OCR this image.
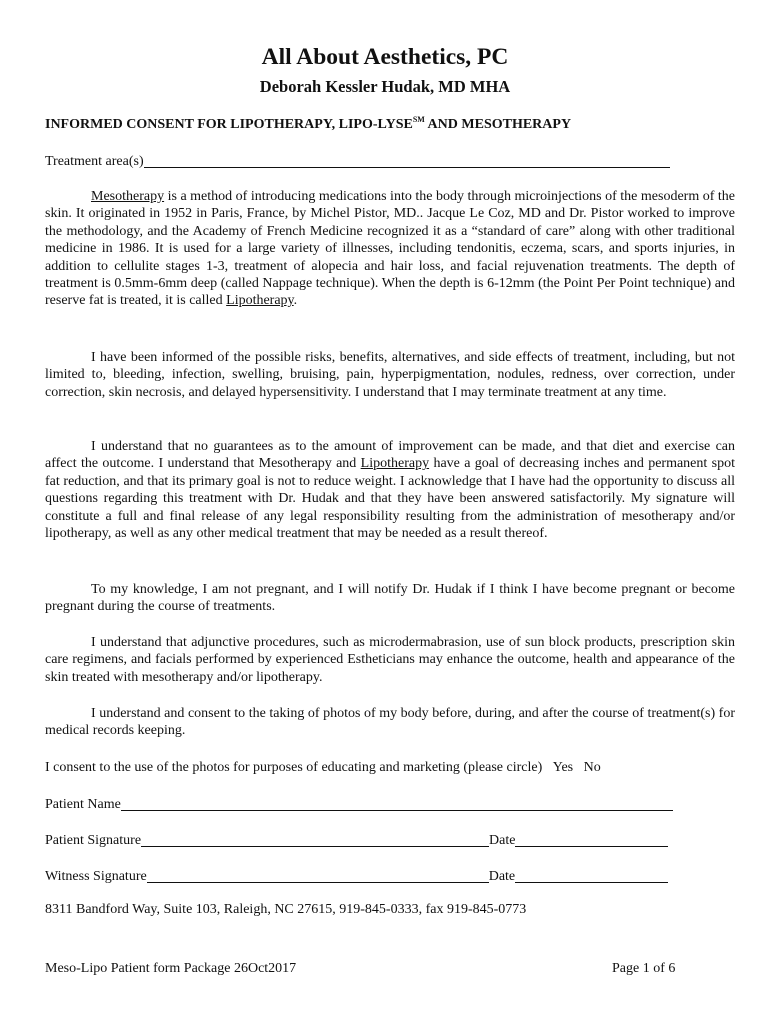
All About Aesthetics, PC
Deborah Kessler Hudak, MD MHA
INFORMED CONSENT FOR LIPOTHERAPY, LIPO-LYSE℠ AND MESOTHERAPY
Treatment area(s)

Mesotherapy is a method of introducing medications into the body through microinjections of the mesoderm of the skin. It originated in 1952 in Paris, France, by Michel Pistor, MD.. Jacque Le Coz, MD and Dr. Pistor worked to improve the methodology, and the Academy of French Medicine recognized it as a “standard of care” along with other traditional medicine in 1986. It is used for a large variety of illnesses, including tendonitis, eczema, scars, and sports injuries, in addition to cellulite stages 1-3, treatment of alopecia and hair loss, and facial rejuvenation treatments. The depth of treatment is 0.5mm-6mm deep (called Nappage technique). When the depth is 6-12mm (the Point Per Point technique) and reserve fat is treated, it is called Lipotherapy.

I have been informed of the possible risks, benefits, alternatives, and side effects of treatment, including, but not limited to, bleeding, infection, swelling, bruising, pain, hyperpigmentation, nodules, redness, over correction, under correction, skin necrosis, and delayed hypersensitivity. I understand that I may terminate treatment at any time.

I understand that no guarantees as to the amount of improvement can be made, and that diet and exercise can affect the outcome. I understand that Mesotherapy and Lipotherapy have a goal of decreasing inches and permanent spot fat reduction, and that its primary goal is not to reduce weight. I acknowledge that I have had the opportunity to discuss all questions regarding this treatment with Dr. Hudak and that they have been answered satisfactorily. My signature will constitute a full and final release of any legal responsibility resulting from the administration of mesotherapy and/or lipotherapy, as well as any other medical treatment that may be needed as a result thereof.

To my knowledge, I am not pregnant, and I will notify Dr. Hudak if I think I have become pregnant or become pregnant during the course of treatments.

I understand that adjunctive procedures, such as microdermabrasion, use of sun block products, prescription skin care regimens, and facials performed by experienced Estheticians may enhance the outcome, health and appearance of the skin treated with mesotherapy and/or lipotherapy.

I understand and consent to the taking of photos of my body before, during, and after the course of treatment(s) for medical records keeping.

I consent to the use of the photos for purposes of educating and marketing (please circle) Yes No
Patient Name
Patient Signature	Date
Witness Signature	Date
8311 Bandford Way, Suite 103, Raleigh, NC 27615, 919-845-0333, fax 919-845-0773
Meso-Lipo Patient form Package 26Oct2017	Page 1 of 6
